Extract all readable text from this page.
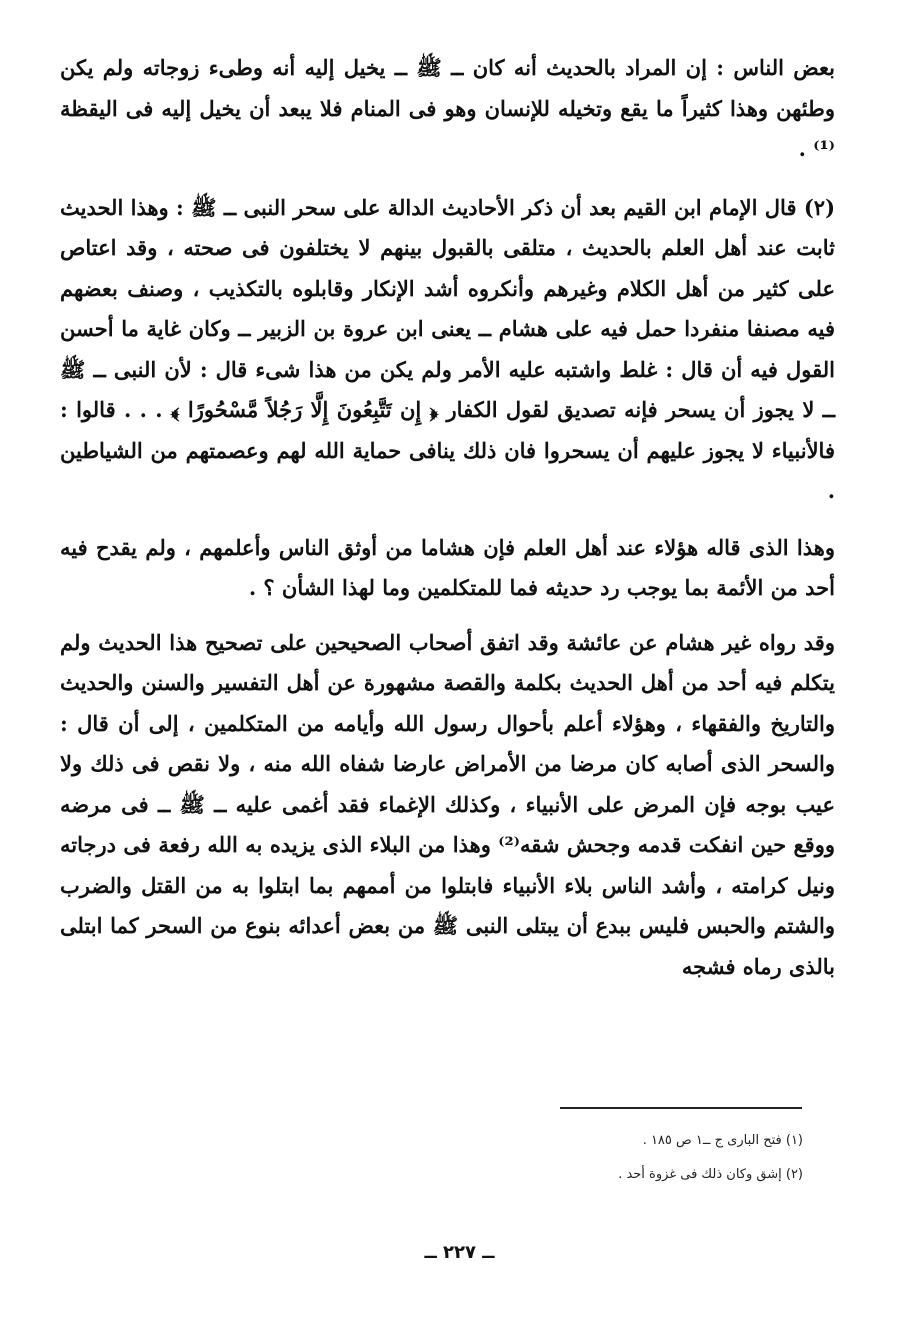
بعض الناس : إن المراد بالحديث أنه كان ــ ﷺ ــ يخيل إليه أنه وطىء زوجاته ولم يكن وطئهن وهذا كثيراً ما يقع وتخيله للإنسان وهو فى المنام فلا يبعد أن يخيل إليه فى اليقظة ⁽¹⁾ .

(٢) قال الإمام ابن القيم بعد أن ذكر الأحاديث الدالة على سحر النبى ــ ﷺ : وهذا الحديث ثابت عند أهل العلم بالحديث ، متلقى بالقبول بينهم لا يختلفون فى صحته ، وقد اعتاص على كثير من أهل الكلام وغيرهم وأنكروه أشد الإنكار وقابلوه بالتكذيب ، وصنف بعضهم فيه مصنفا منفردا حمل فيه على هشام ــ يعنى ابن عروة بن الزبير ــ وكان غاية ما أحسن القول فيه أن قال : غلط واشتبه عليه الأمر ولم يكن من هذا شىء قال : لأن النبى ــ ﷺ ــ لا يجوز أن يسحر فإنه تصديق لقول الكفار ﴿ إِن تَتَّبِعُونَ إِلَّا رَجُلاً مَّسْحُورًا ﴾ . . . قالوا : فالأنبياء لا يجوز عليهم أن يسحروا فان ذلك ينافى حماية الله لهم وعصمتهم من الشياطين .

وهذا الذى قاله هؤلاء عند أهل العلم فإن هشاما من أوثق الناس وأعلمهم ، ولم يقدح فيه أحد من الأئمة بما يوجب رد حديثه فما للمتكلمين وما لهذا الشأن ؟ .

وقد رواه غير هشام عن عائشة وقد اتفق أصحاب الصحيحين على تصحيح هذا الحديث ولم يتكلم فيه أحد من أهل الحديث بكلمة والقصة مشهورة عن أهل التفسير والسنن والحديث والتاريخ والفقهاء ، وهؤلاء أعلم بأحوال رسول الله وأيامه من المتكلمين ، إلى أن قال : والسحر الذى أصابه كان مرضا من الأمراض عارضا شفاه الله منه ، ولا نقص فى ذلك ولا عيب بوجه فإن المرض على الأنبياء ، وكذلك الإغماء فقد أغمى عليه ــ ﷺ ــ فى مرضه ووقع حين انفكت قدمه وجحش شقه⁽²⁾ وهذا من البلاء الذى يزيده به الله رفعة فى درجاته ونيل كرامته ، وأشد الناس بلاء الأنبياء فابتلوا من أممهم بما ابتلوا به من القتل والضرب والشتم والحبس فليس ببدع أن يبتلى النبى ﷺ من بعض أعدائه بنوع من السحر كما ابتلى بالذى رماه فشجه

(١) فتح البارى ج ــ١ ص ١٨٥ .

(٢) إشق وكان ذلك فى غزوة أحد .

ــ ٢٢٧ ــ
